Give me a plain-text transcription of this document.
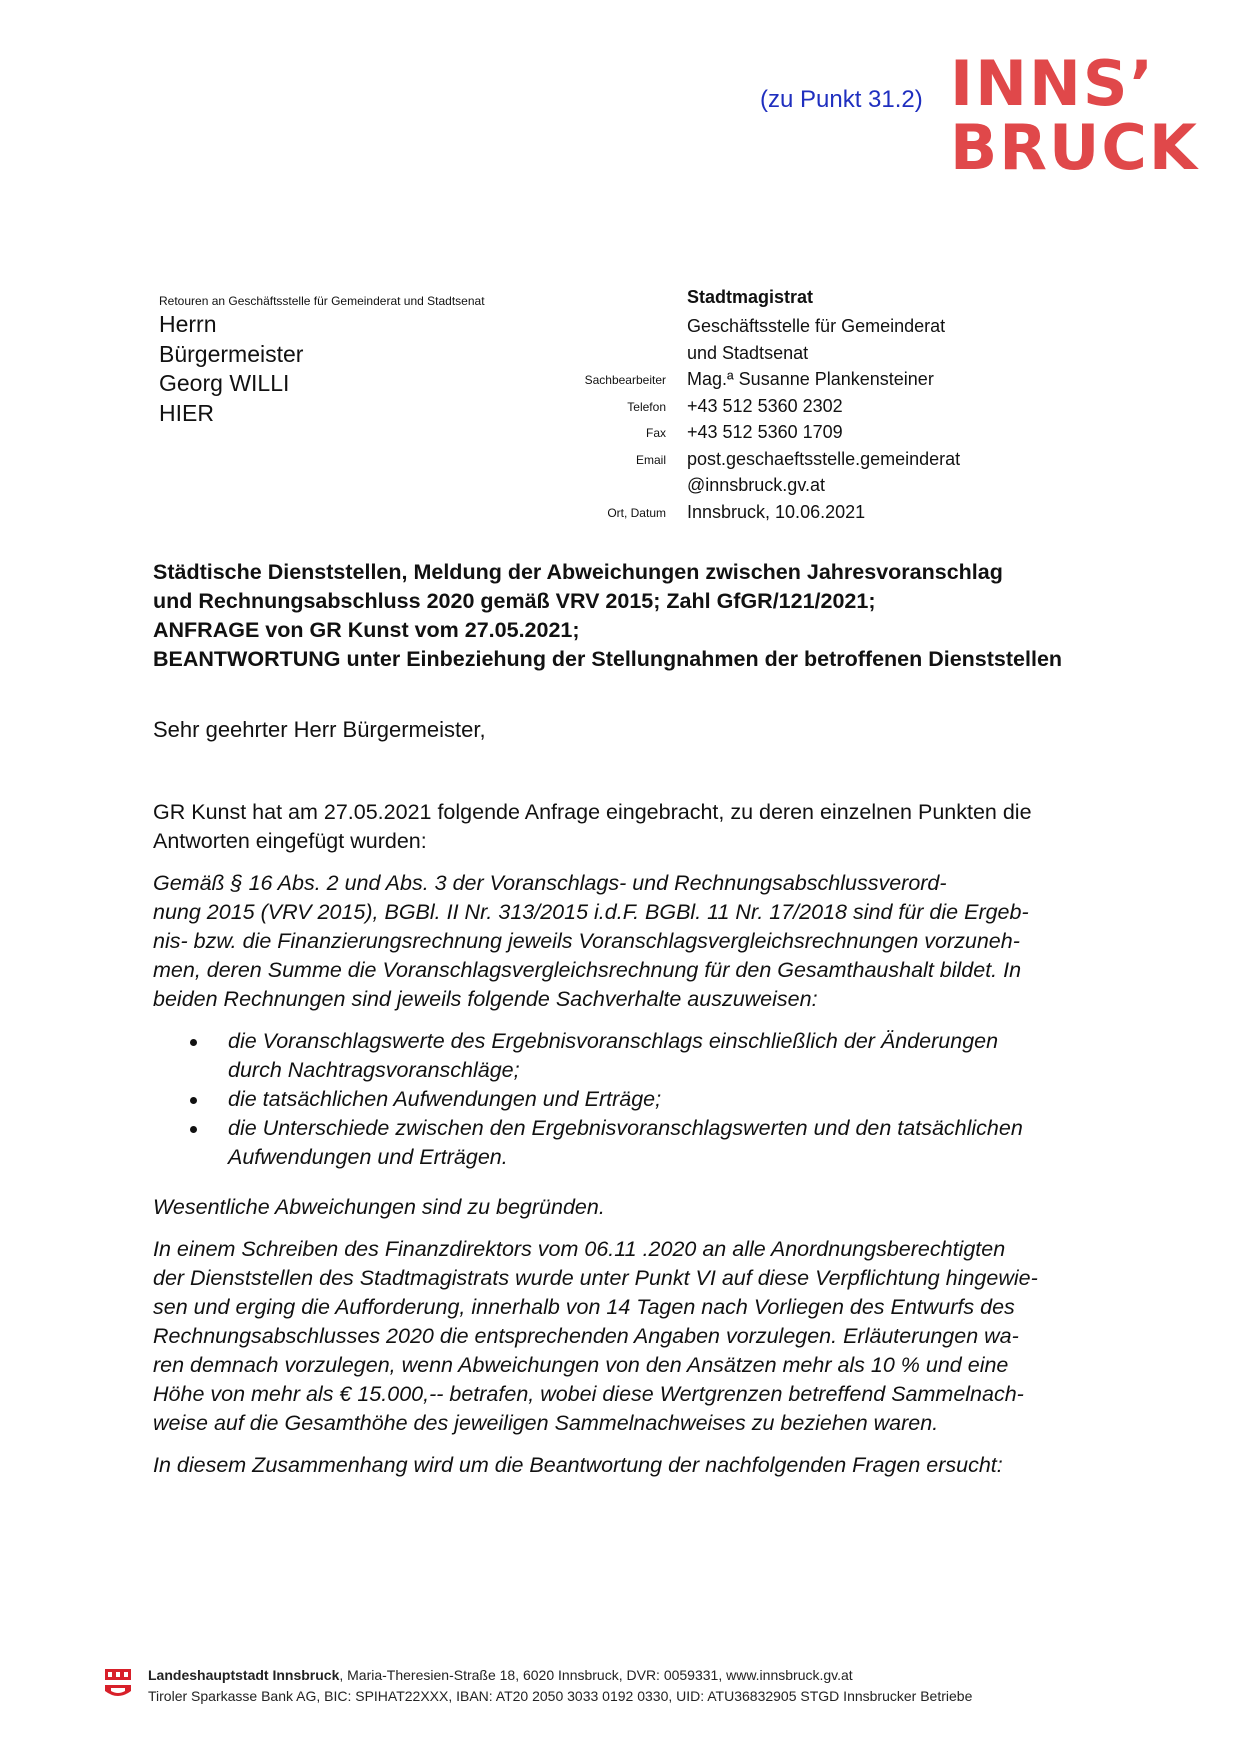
(zu Punkt 31.2) INNS’
BRUCK
Retouren an Geschäftsstelle für Gemeinderat und Stadtsenat
Herrn
Bürgermeister
Georg WILLI
HIER
Stadtmagistrat
Geschäftsstelle für Gemeinderat
und Stadtsenat
Mag.ª Susanne Plankensteiner
+43 512 5360 2302
+43 512 5360 1709
post.geschaeftsstelle.gemeinderat
@innsbruck.gv.at
Innsbruck, 10.06.2021
Sachbearbeiter
Telefon
Fax
Email
Ort, Datum
Städtische Dienststellen, Meldung der Abweichungen zwischen Jahresvoranschlag
und Rechnungsabschluss 2020 gemäß VRV 2015; Zahl GfGR/121/2021;
ANFRAGE von GR Kunst vom 27.05.2021;
BEANTWORTUNG unter Einbeziehung der Stellungnahmen der betroffenen Dienststellen
Sehr geehrter Herr Bürgermeister,
GR Kunst hat am 27.05.2021 folgende Anfrage eingebracht, zu deren einzelnen Punkten die
Antworten eingefügt wurden:
Gemäß § 16 Abs. 2 und Abs. 3 der Voranschlags- und Rechnungsabschlussverord-
nung 2015 (VRV 2015), BGBl. II Nr. 313/2015 i.d.F. BGBl. 11 Nr. 17/2018 sind für die Ergeb-
nis- bzw. die Finanzierungsrechnung jeweils Voranschlagsvergleichsrechnungen vorzuneh-
men, deren Summe die Voranschlagsvergleichsrechnung für den Gesamthaushalt bildet. In
beiden Rechnungen sind jeweils folgende Sachverhalte auszuweisen:
die Voranschlagswerte des Ergebnisvoranschlags einschließlich der Änderungen
durch Nachtragsvoranschläge;
die tatsächlichen Aufwendungen und Erträge;
die Unterschiede zwischen den Ergebnisvoranschlagswerten und den tatsächlichen
Aufwendungen und Erträgen.
Wesentliche Abweichungen sind zu begründen.
In einem Schreiben des Finanzdirektors vom 06.11 .2020 an alle Anordnungsberechtigten
der Dienststellen des Stadtmagistrats wurde unter Punkt VI auf diese Verpflichtung hingewie-
sen und erging die Aufforderung, innerhalb von 14 Tagen nach Vorliegen des Entwurfs des
Rechnungsabschlusses 2020 die entsprechenden Angaben vorzulegen. Erläuterungen wa-
ren demnach vorzulegen, wenn Abweichungen von den Ansätzen mehr als 10 % und eine
Höhe von mehr als € 15.000,-- betrafen, wobei diese Wertgrenzen betreffend Sammelnach-
weise auf die Gesamthöhe des jeweiligen Sammelnachweises zu beziehen waren.
In diesem Zusammenhang wird um die Beantwortung der nachfolgenden Fragen ersucht:
Landeshauptstadt Innsbruck, Maria-Theresien-Straße 18, 6020 Innsbruck, DVR: 0059331, www.innsbruck.gv.at
Tiroler Sparkasse Bank AG, BIC: SPIHAT22XXX, IBAN: AT20 2050 3033 0192 0330, UID: ATU36832905 STGD Innsbrucker Betriebe
